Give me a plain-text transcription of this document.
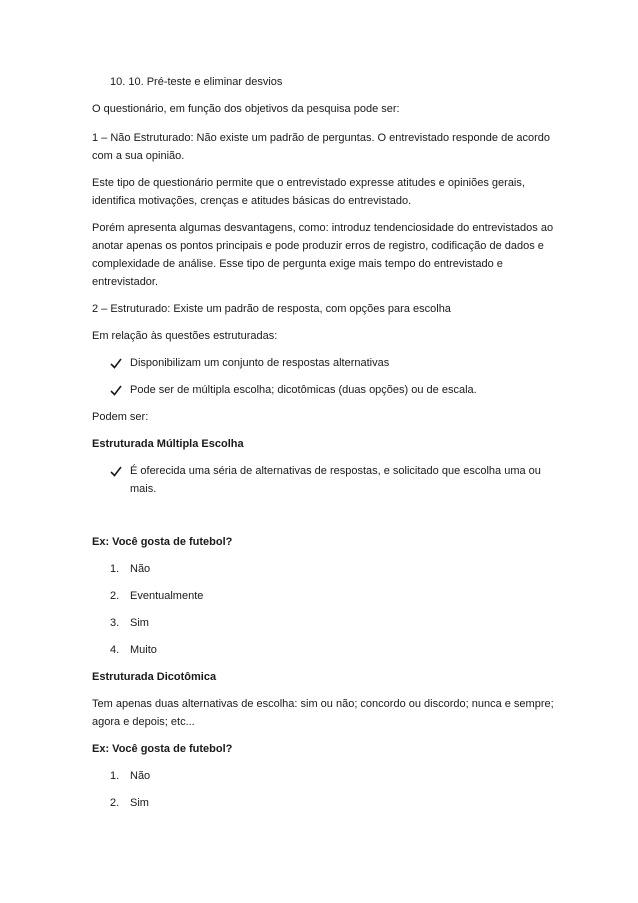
10. 10. Pré-teste e eliminar desvios
O questionário, em função dos objetivos da pesquisa pode ser:
1 – Não Estruturado: Não existe um padrão de perguntas. O entrevistado responde de acordo
com a sua opinião.
Este tipo de questionário permite que o entrevistado expresse atitudes e opiniões gerais,
identifica motivações, crenças e atitudes básicas do entrevistado.
Porém apresenta algumas desvantagens, como: introduz tendenciosidade do entrevistados ao
anotar apenas os pontos principais e pode produzir erros de registro, codificação de dados e
complexidade de análise. Esse tipo de pergunta exige mais tempo do entrevistado e
entrevistador.
2 – Estruturado: Existe um padrão de resposta, com opções para escolha
Em relação às questões estruturadas:
Disponibilizam um conjunto de respostas alternativas
Pode ser de múltipla escolha; dicotômicas (duas opções) ou de escala.
Podem ser:
Estruturada Múltipla Escolha
É oferecida uma séria de alternativas de respostas, e solicitado que escolha uma ou
mais.
Ex: Você gosta de futebol?
1. Não
2. Eventualmente
3. Sim
4. Muito
Estruturada Dicotômica
Tem apenas duas alternativas de escolha: sim ou não; concordo ou discordo; nunca e sempre;
agora e depois; etc...
Ex: Você gosta de futebol?
1. Não
2. Sim
